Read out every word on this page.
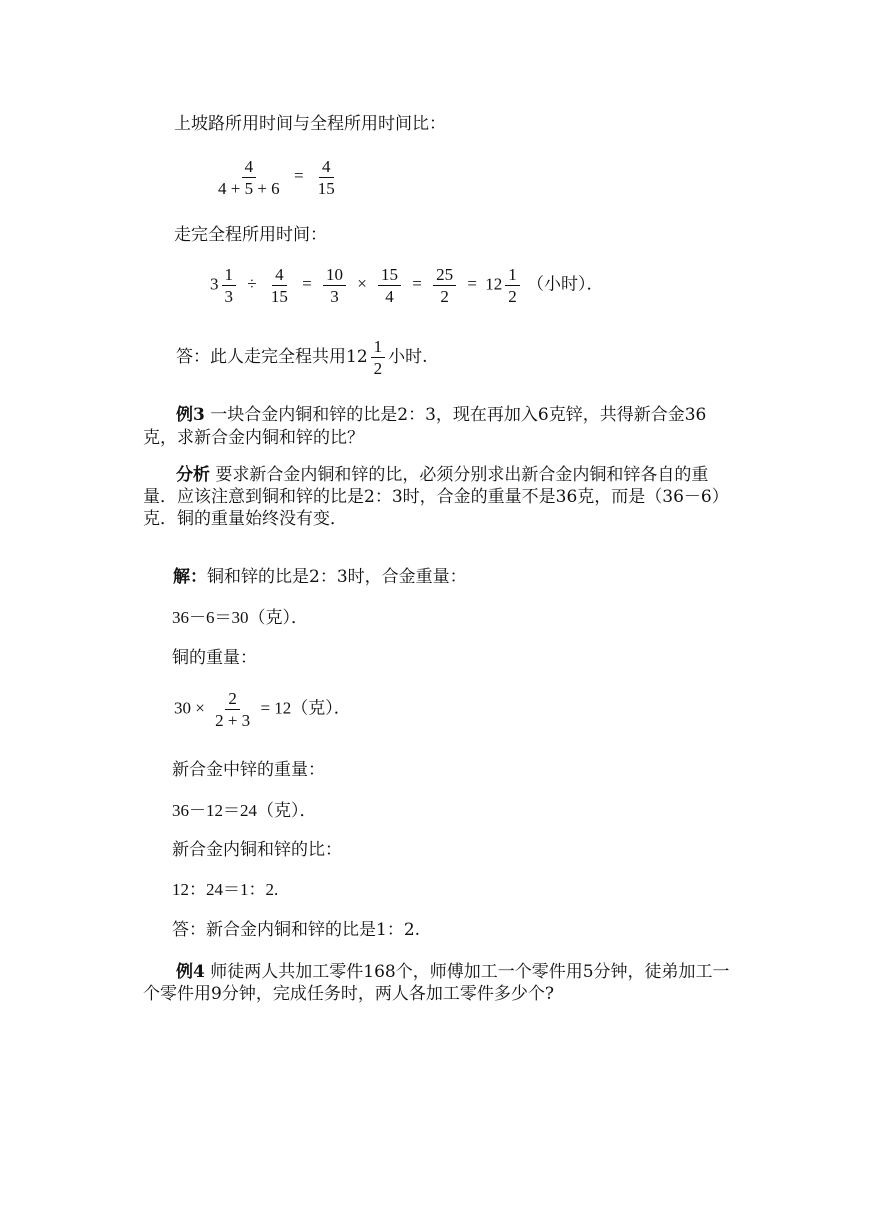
上坡路所用时间与全程所用时间比：
$\frac{4}{4 + 5 + 6} = \frac{4}{15}$
走完全程所用时间：
$3 \frac{1}{3} \div \frac{4}{15} = \frac{10}{3} \times \frac{15}{4} = \frac{25}{2} = 12 \frac{1}{2}$ （小时）．
答：此人走完全程共用$12 \frac{1}{2}$ 小时.
例3 一块合金内铜和锌的比是2：3，现在再加入6克锌，共得新合金36
克，求新合金内铜和锌的比？
分析 要求新合金内铜和锌的比，必须分别求出新合金内铜和锌各自的重
量．应该注意到铜和锌的比是2：3时，合金的重量不是36克，而是（36－6）
克．铜的重量始终没有变．
解：铜和锌的比是2：3时，合金重量：
36－6＝30（克）．
铜的重量：
$30 \times \frac{2}{2 + 3} = 12$（克）．
新合金中锌的重量：
36－12＝24（克）．
新合金内铜和锌的比：
12：24＝1：2.
答：新合金内铜和锌的比是1：2.
例4 师徒两人共加工零件168个，师傅加工一个零件用5分钟，徒弟加工一
个零件用9分钟，完成任务时，两人各加工零件多少个?
